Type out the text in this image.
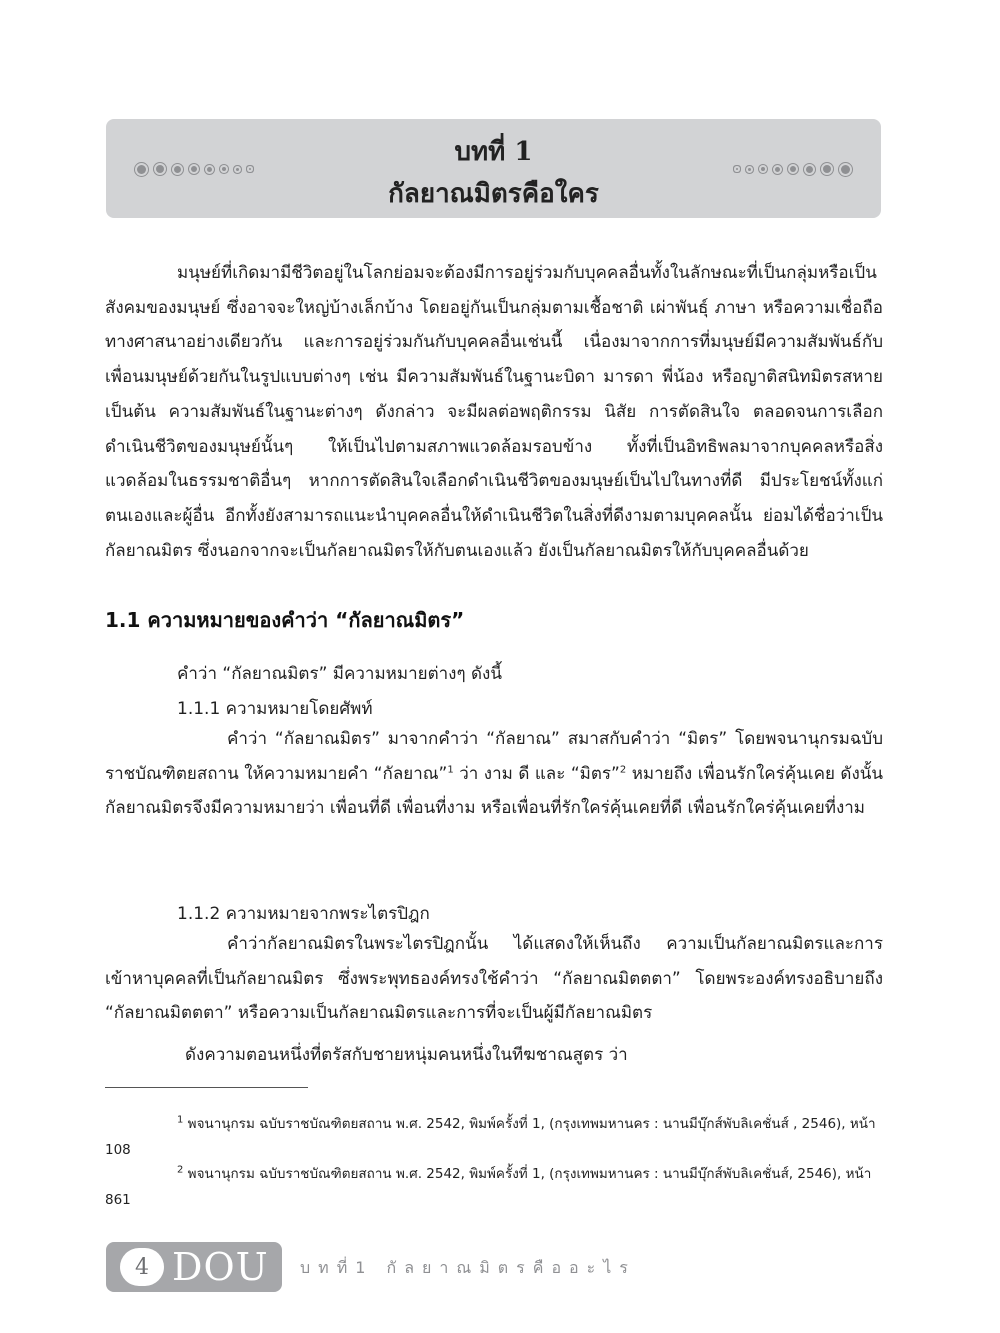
บทที่ 1
กัลยาณมิตรคือใคร

มนุษย์ที่เกิดมามีชีวิตอยู่ในโลกย่อมจะต้องมีการอยู่ร่วมกับบุคคลอื่นทั้งในลักษณะที่เป็นกลุ่มหรือเป็นสังคมของมนุษย์ ซึ่งอาจจะใหญ่บ้างเล็กบ้าง โดยอยู่กันเป็นกลุ่มตามเชื้อชาติ เผ่าพันธุ์ ภาษา หรือความเชื่อถือทางศาสนาอย่างเดียวกัน และการอยู่ร่วมกันกับบุคคลอื่นเช่นนี้ เนื่องมาจากการที่มนุษย์มีความสัมพันธ์กับเพื่อนมนุษย์ด้วยกันในรูปแบบต่างๆ เช่น มีความสัมพันธ์ในฐานะบิดา มารดา พี่น้อง หรือญาติสนิทมิตรสหาย เป็นต้น ความสัมพันธ์ในฐานะต่างๆ ดังกล่าว จะมีผลต่อพฤติกรรม นิสัย การตัดสินใจ ตลอดจนการเลือกดำเนินชีวิตของมนุษย์นั้นๆ ให้เป็นไปตามสภาพแวดล้อมรอบข้าง ทั้งที่เป็นอิทธิพลมาจากบุคคลหรือสิ่งแวดล้อมในธรรมชาติอื่นๆ หากการตัดสินใจเลือกดำเนินชีวิตของมนุษย์เป็นไปในทางที่ดี มีประโยชน์ทั้งแก่ตนเองและผู้อื่น อีกทั้งยังสามารถแนะนำบุคคลอื่นให้ดำเนินชีวิตในสิ่งที่ดีงามตามบุคคลนั้น ย่อมได้ชื่อว่าเป็นกัลยาณมิตร ซึ่งนอกจากจะเป็นกัลยาณมิตรให้กับตนเองแล้ว ยังเป็นกัลยาณมิตรให้กับบุคคลอื่นด้วย

1.1 ความหมายของคำว่า “กัลยาณมิตร”

คำว่า “กัลยาณมิตร” มีความหมายต่างๆ ดังนี้

1.1.1 ความหมายโดยศัพท์

คำว่า “กัลยาณมิตร” มาจากคำว่า “กัลยาณ” สมาสกับคำว่า “มิตร” โดยพจนานุกรมฉบับราชบัณฑิตยสถาน ให้ความหมายคำ “กัลยาณ”$^1$ ว่า งาม ดี และ “มิตร”$^2$ หมายถึง เพื่อนรักใคร่คุ้นเคย ดังนั้น กัลยาณมิตรจึงมีความหมายว่า เพื่อนที่ดี เพื่อนที่งาม หรือเพื่อนที่รักใคร่คุ้นเคยที่ดี เพื่อนรักใคร่คุ้นเคยที่งาม

1.1.2 ความหมายจากพระไตรปิฎก

คำว่ากัลยาณมิตรในพระไตรปิฎกนั้น ได้แสดงให้เห็นถึง ความเป็นกัลยาณมิตรและการเข้าหาบุคคลที่เป็นกัลยาณมิตร ซึ่งพระพุทธองค์ทรงใช้คำว่า “กัลยาณมิตตตา” โดยพระองค์ทรงอธิบายถึง “กัลยาณมิตตตา” หรือความเป็นกัลยาณมิตรและการที่จะเป็นผู้มีกัลยาณมิตร

ดังความตอนหนึ่งที่ตรัสกับชายหนุ่มคนหนึ่งในทีฆชาณสูตร ว่า

$^1$ พจนานุกรม ฉบับราชบัณฑิตยสถาน พ.ศ. 2542, พิมพ์ครั้งที่ 1, (กรุงเทพมหานคร : นานมีบุ๊กส์พับลิเคชั่นส์ , 2546), หน้า 108

$^2$ พจนานุกรม ฉบับราชบัณฑิตยสถาน พ.ศ. 2542, พิมพ์ครั้งที่ 1, (กรุงเทพมหานคร : นานมีบุ๊กส์พับลิเคชั่นส์, 2546), หน้า 861

4 DOU บทที่1 กัลยาณมิตรคืออะไร
